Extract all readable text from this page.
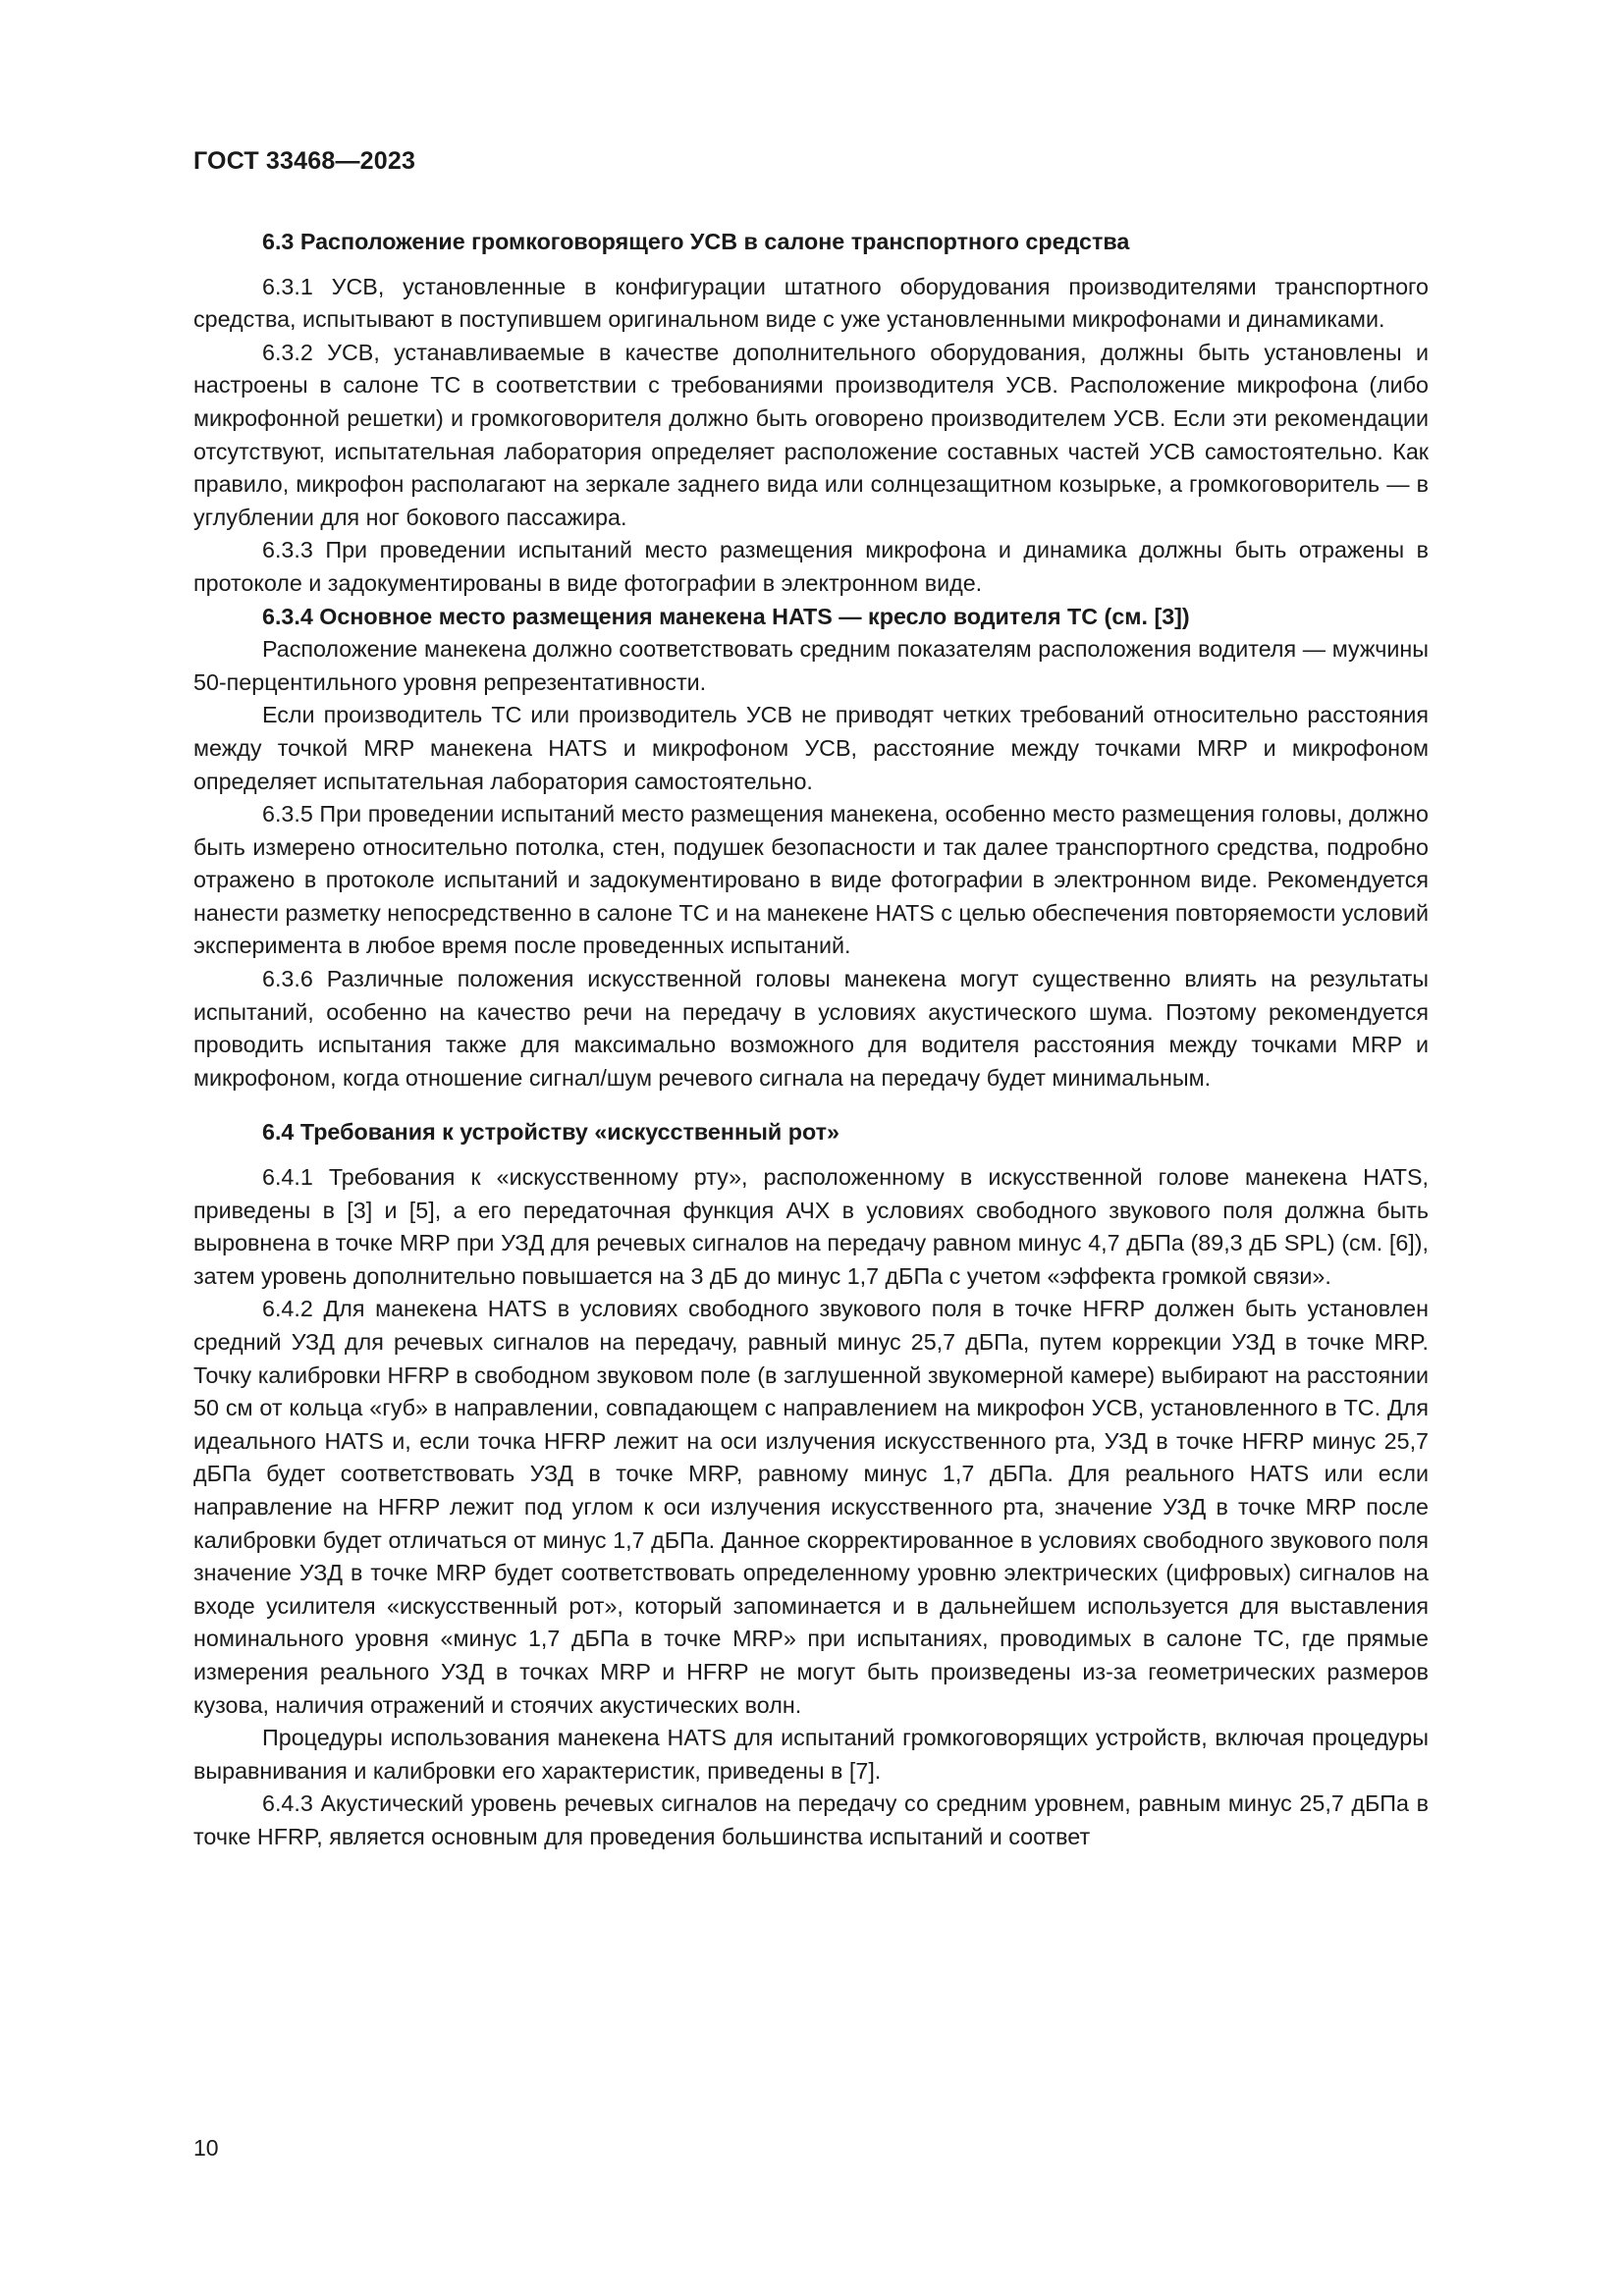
ГОСТ 33468—2023

6.3 Расположение громкоговорящего УСВ в салоне транспортного средства

6.3.1 УСВ, установленные в конфигурации штатного оборудования производителями транспортного средства, испытывают в поступившем оригинальном виде с уже установленными микрофонами и динамиками.

6.3.2 УСВ, устанавливаемые в качестве дополнительного оборудования, должны быть установлены и настроены в салоне ТС в соответствии с требованиями производителя УСВ. Расположение микрофона (либо микрофонной решетки) и громкоговорителя должно быть оговорено производителем УСВ. Если эти рекомендации отсутствуют, испытательная лаборатория определяет расположение составных частей УСВ самостоятельно. Как правило, микрофон располагают на зеркале заднего вида или солнцезащитном козырьке, а громкоговоритель — в углублении для ног бокового пассажира.

6.3.3 При проведении испытаний место размещения микрофона и динамика должны быть отражены в протоколе и задокументированы в виде фотографии в электронном виде.

6.3.4 Основное место размещения манекена HATS — кресло водителя ТС (см. [3])

Расположение манекена должно соответствовать средним показателям расположения водителя — мужчины 50-перцентильного уровня репрезентативности.

Если производитель ТС или производитель УСВ не приводят четких требований относительно расстояния между точкой MRP манекена HATS и микрофоном УСВ, расстояние между точками MRP и микрофоном определяет испытательная лаборатория самостоятельно.

6.3.5 При проведении испытаний место размещения манекена, особенно место размещения головы, должно быть измерено относительно потолка, стен, подушек безопасности и так далее транспортного средства, подробно отражено в протоколе испытаний и задокументировано в виде фотографии в электронном виде. Рекомендуется нанести разметку непосредственно в салоне ТС и на манекене HATS с целью обеспечения повторяемости условий эксперимента в любое время после проведенных испытаний.

6.3.6 Различные положения искусственной головы манекена могут существенно влиять на результаты испытаний, особенно на качество речи на передачу в условиях акустического шума. Поэтому рекомендуется проводить испытания также для максимально возможного для водителя расстояния между точками MRP и микрофоном, когда отношение сигнал/шум речевого сигнала на передачу будет минимальным.

6.4 Требования к устройству «искусственный рот»

6.4.1 Требования к «искусственному рту», расположенному в искусственной голове манекена HATS, приведены в [3] и [5], а его передаточная функция АЧХ в условиях свободного звукового поля должна быть выровнена в точке MRP при УЗД для речевых сигналов на передачу равном минус 4,7 дБПа (89,3 дБ SPL) (см. [6]), затем уровень дополнительно повышается на 3 дБ до минус 1,7 дБПа с учетом «эффекта громкой связи».

6.4.2 Для манекена HATS в условиях свободного звукового поля в точке HFRP должен быть установлен средний УЗД для речевых сигналов на передачу, равный минус 25,7 дБПа, путем коррекции УЗД в точке MRP. Точку калибровки HFRP в свободном звуковом поле (в заглушенной звукомерной камере) выбирают на расстоянии 50 см от кольца «губ» в направлении, совпадающем с направлением на микрофон УСВ, установленного в ТС. Для идеального HATS и, если точка HFRP лежит на оси излучения искусственного рта, УЗД в точке HFRP минус 25,7 дБПа будет соответствовать УЗД в точке MRP, равному минус 1,7 дБПа. Для реального HATS или если направление на HFRP лежит под углом к оси излучения искусственного рта, значение УЗД в точке MRP после калибровки будет отличаться от минус 1,7 дБПа. Данное скорректированное в условиях свободного звукового поля значение УЗД в точке MRP будет соответствовать определенному уровню электрических (цифровых) сигналов на входе усилителя «искусственный рот», который запоминается и в дальнейшем используется для выставления номинального уровня «минус 1,7 дБПа в точке MRP» при испытаниях, проводимых в салоне ТС, где прямые измерения реального УЗД в точках MRP и HFRP не могут быть произведены из-за геометрических размеров кузова, наличия отражений и стоячих акустических волн.

Процедуры использования манекена HATS для испытаний громкоговорящих устройств, включая процедуры выравнивания и калибровки его характеристик, приведены в [7].

6.4.3 Акустический уровень речевых сигналов на передачу со средним уровнем, равным минус 25,7 дБПа в точке HFRP, является основным для проведения большинства испытаний и соответ

10
